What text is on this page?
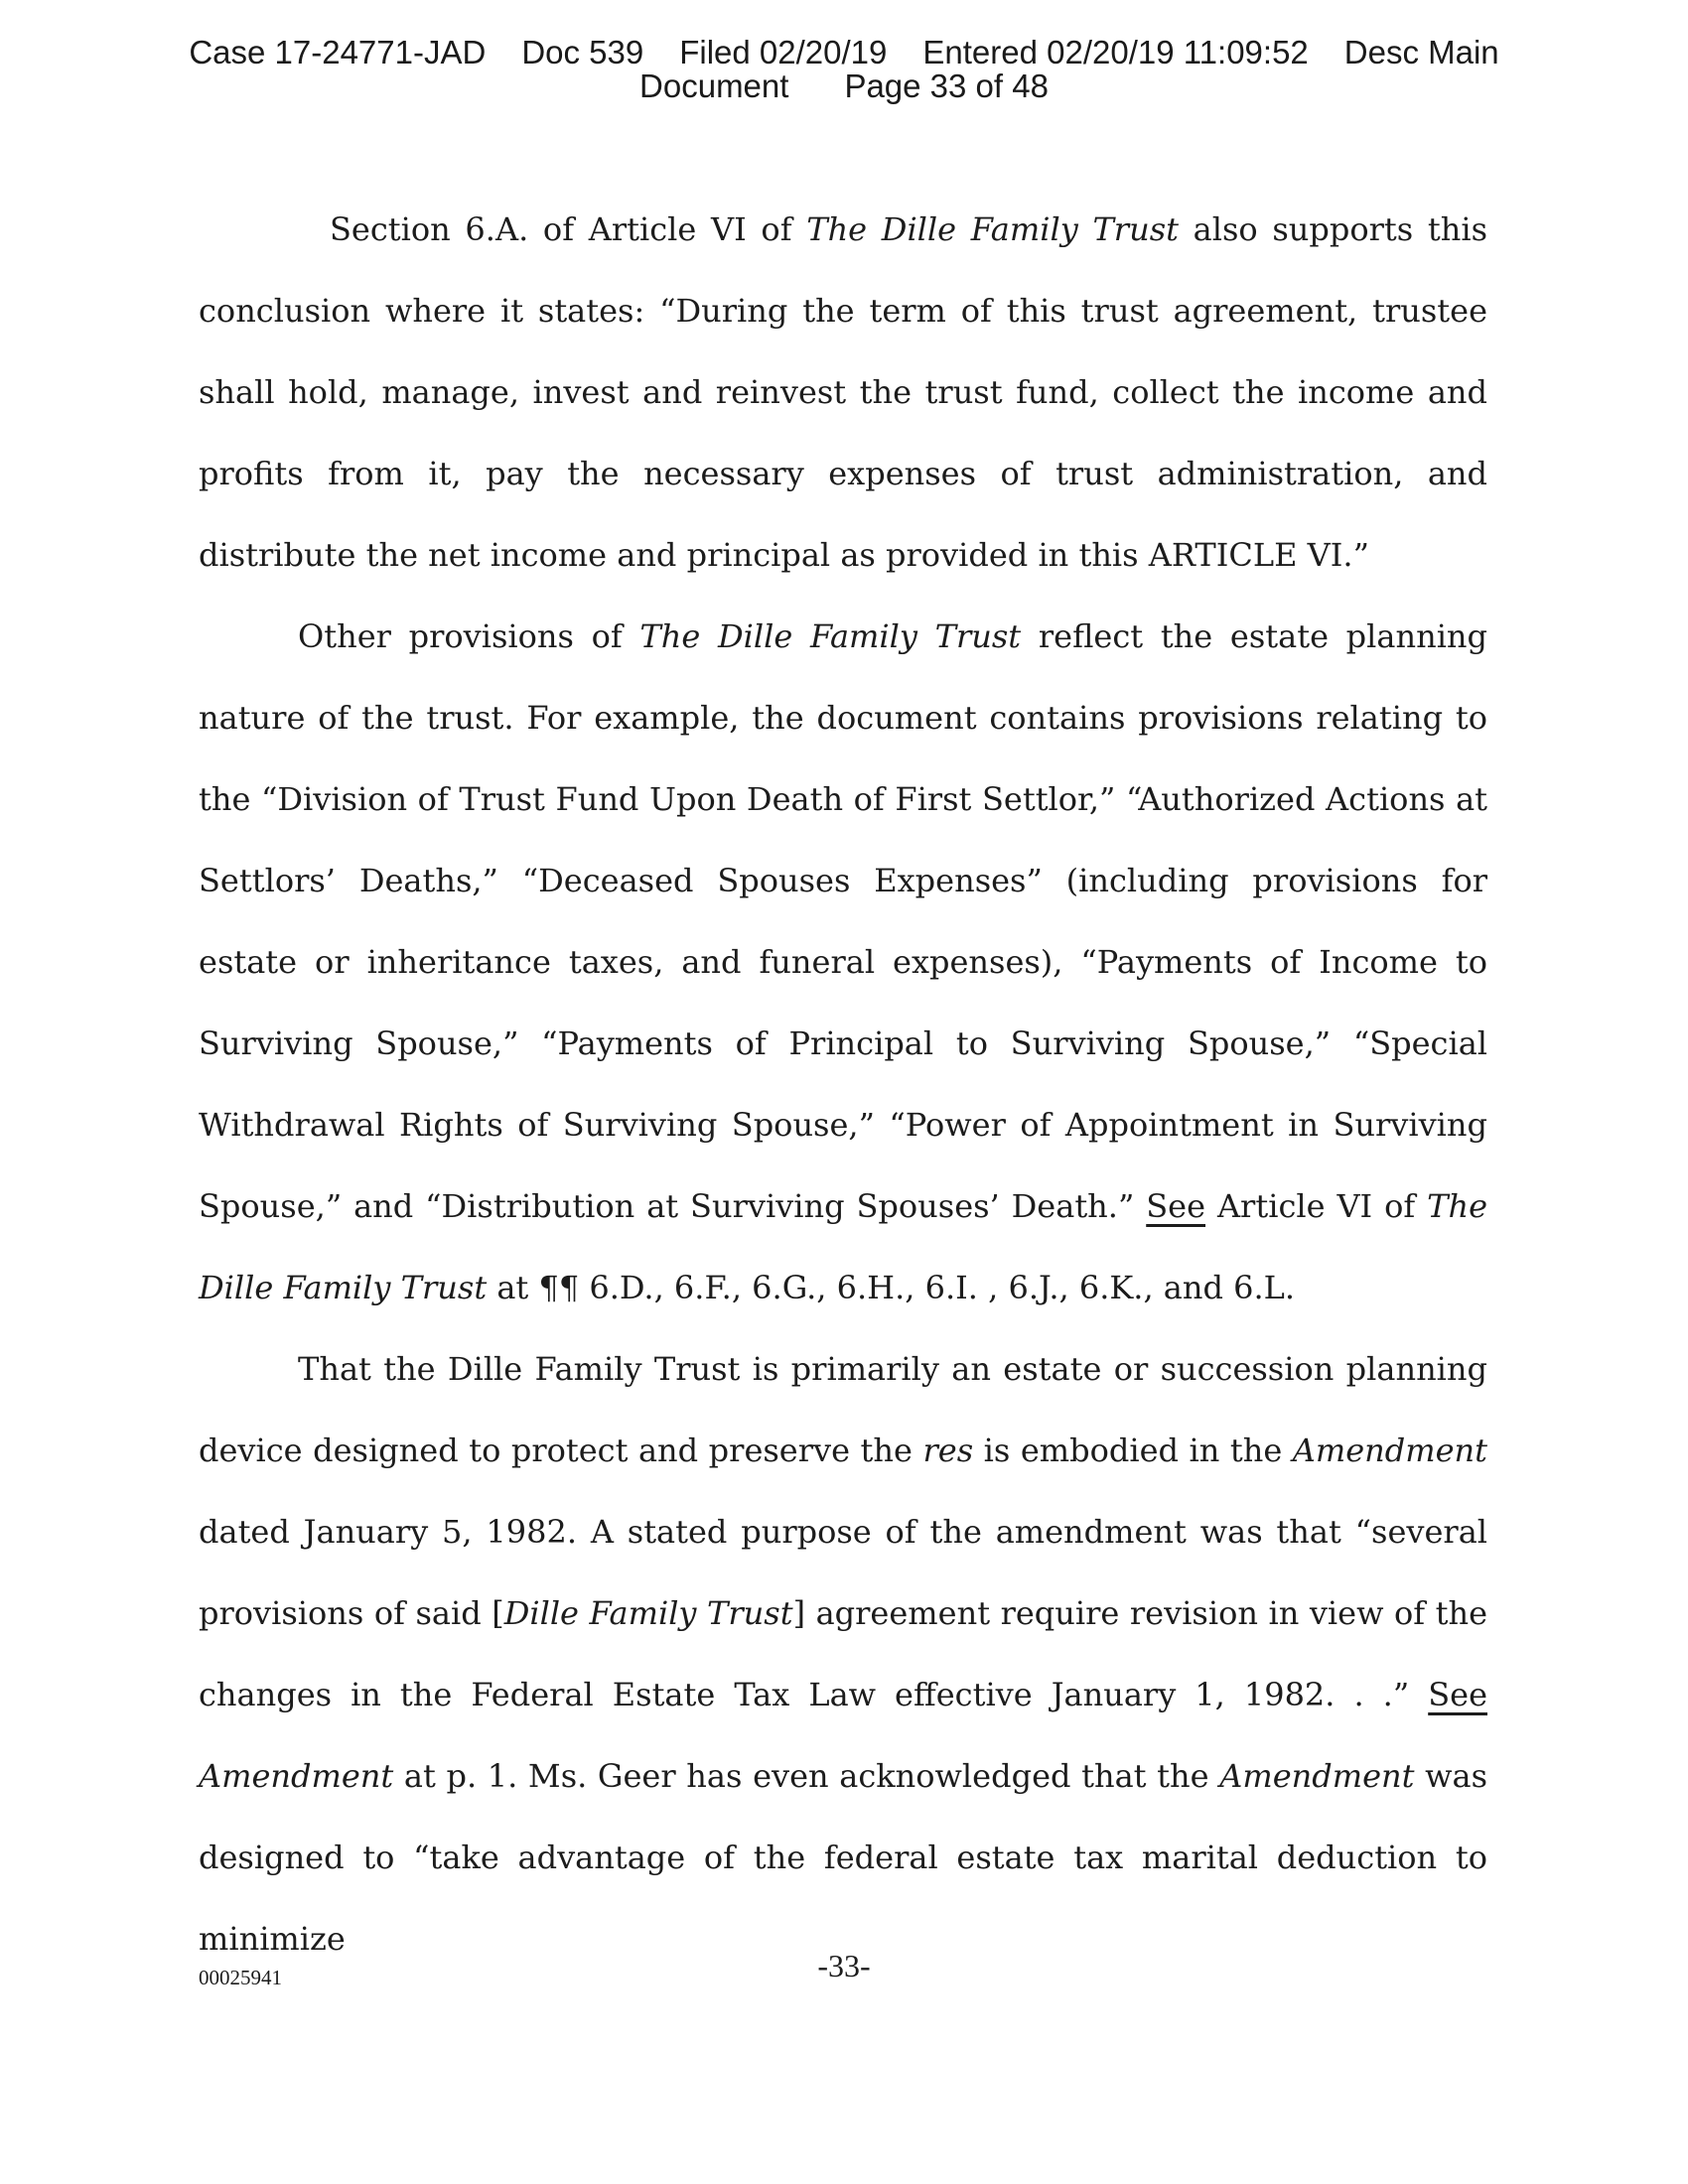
Case 17-24771-JAD Doc 539 Filed 02/20/19 Entered 02/20/19 11:09:52 Desc Main
Document Page 33 of 48

Section 6.A. of Article VI of The Dille Family Trust also supports this conclusion where it states: “During the term of this trust agreement, trustee shall hold, manage, invest and reinvest the trust fund, collect the income and profits from it, pay the necessary expenses of trust administration, and distribute the net income and principal as provided in this ARTICLE VI.”

Other provisions of The Dille Family Trust reflect the estate planning nature of the trust. For example, the document contains provisions relating to the “Division of Trust Fund Upon Death of First Settlor,” “Authorized Actions at Settlors’ Deaths,” “Deceased Spouses Expenses” (including provisions for estate or inheritance taxes, and funeral expenses), “Payments of Income to Surviving Spouse,” “Payments of Principal to Surviving Spouse,” “Special Withdrawal Rights of Surviving Spouse,” “Power of Appointment in Surviving Spouse,” and “Distribution at Surviving Spouses’ Death.” See Article VI of The Dille Family Trust at ¶¶ 6.D., 6.F., 6.G., 6.H., 6.I. , 6.J., 6.K., and 6.L.

That the Dille Family Trust is primarily an estate or succession planning device designed to protect and preserve the res is embodied in the Amendment dated January 5, 1982. A stated purpose of the amendment was that “several provisions of said [Dille Family Trust] agreement require revision in view of the changes in the Federal Estate Tax Law effective January 1, 1982. . .” See Amendment at p. 1. Ms. Geer has even acknowledged that the Amendment was designed to “take advantage of the federal estate tax marital deduction to minimize

00025941	-33-
